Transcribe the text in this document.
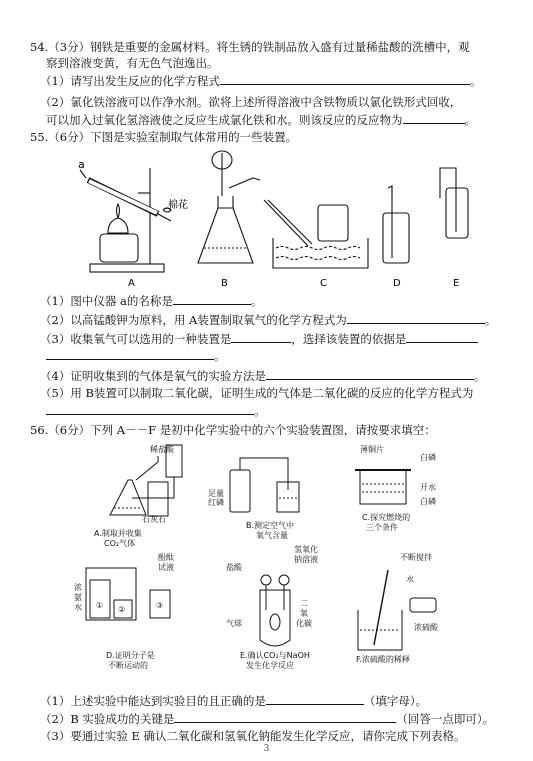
54.（3分）钢铁是重要的金属材料。将生锈的铁制品放入盛有过量稀盐酸的洗槽中，观
察到溶液变黄，有无色气泡逸出。
（1）请写出发生反应的化学方程式	。
（2）氯化铁溶液可以作净水剂。欲将上述所得溶液中含铁物质以氯化铁形式回收，
可以加入过氧化氢溶液使之反应生成氯化铁和水。则该反应的反应物为	。
55.（6分）下图是实验室制取气体常用的一些装置。
a
棉花
A	B	C	D	E
（1）图中仪器 a的名称是	。
（2）以高锰酸钾为原料，用 A装置制取氧气的化学方程式为	。
（3）收集氧气可以选用的一种装置是	，选择该装置的依据是
。
（4）证明收集到的气体是氧气的实验方法是	。
（5）用 B装置可以制取二氧化碳，证明生成的气体是二氧化碳的反应的化学方程式为
。
56.（6分）下列 A－－F 是初中化学实验中的六个实验装置图，请按要求填空：
稀盐酸
石灰石
A.制取并收集
CO₂气体
足量
红磷
B.测定空气中
氧气含量
薄铜片
白磷
开水
白磷
C.探究燃烧的
三个条件
浓
氨
水
酚酞
试液
① ②	③
D.证明分子是
不断运动的
盐酸
氢氧化
钠溶液
气球
二
氧
化碳
E.确认CO₂与NaOH
发生化学反应
不断搅拌
水
浓硫酸
F.浓硫酸的稀释
（1）上述实验中能达到实验目的且正确的是	（填字母）。
（2）B 实验成功的关键是	（回答一点即可）。
（3）要通过实验 E 确认二氧化碳和氢氧化钠能发生化学反应，请你完成下列表格。
3
